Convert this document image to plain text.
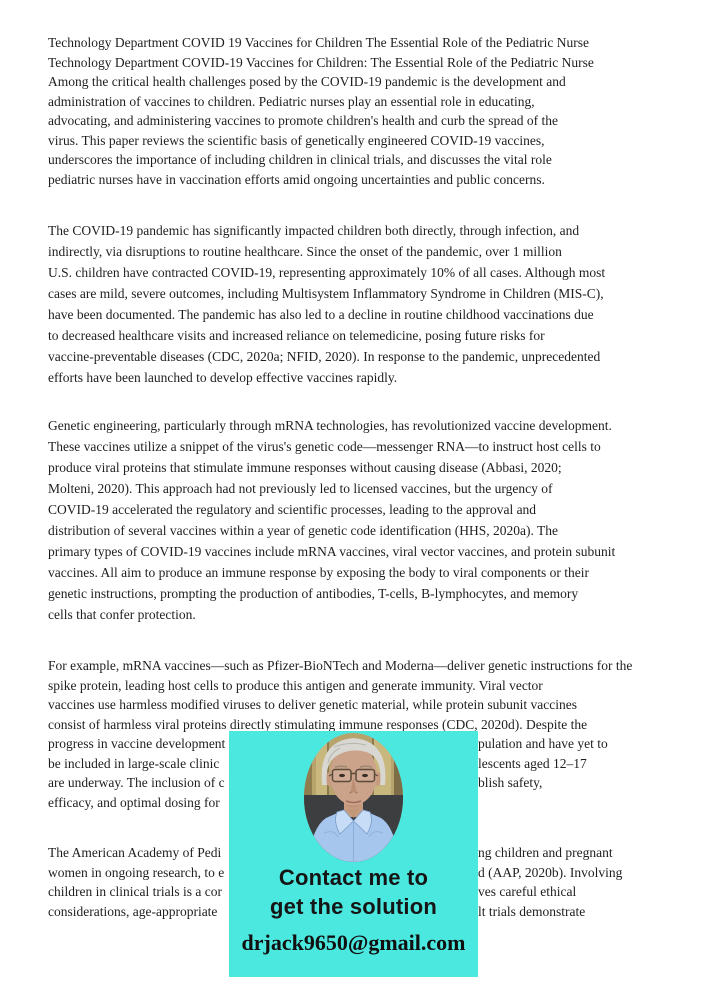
Technology Department COVID 19 Vaccines for Children The Essential Role of the Pediatric Nurse
Technology Department COVID-19 Vaccines for Children: The Essential Role of the Pediatric Nurse
Among the critical health challenges posed by the COVID-19 pandemic is the development and
administration of vaccines to children. Pediatric nurses play an essential role in educating,
advocating, and administering vaccines to promote children's health and curb the spread of the
virus. This paper reviews the scientific basis of genetically engineered COVID-19 vaccines,
underscores the importance of including children in clinical trials, and discusses the vital role
pediatric nurses have in vaccination efforts amid ongoing uncertainties and public concerns.
The COVID-19 pandemic has significantly impacted children both directly, through infection, and
indirectly, via disruptions to routine healthcare. Since the onset of the pandemic, over 1 million
U.S. children have contracted COVID-19, representing approximately 10% of all cases. Although most
cases are mild, severe outcomes, including Multisystem Inflammatory Syndrome in Children (MIS-C),
have been documented. The pandemic has also led to a decline in routine childhood vaccinations due
to decreased healthcare visits and increased reliance on telemedicine, posing future risks for
vaccine-preventable diseases (CDC, 2020a; NFID, 2020). In response to the pandemic, unprecedented
efforts have been launched to develop effective vaccines rapidly.
Genetic engineering, particularly through mRNA technologies, has revolutionized vaccine development.
These vaccines utilize a snippet of the virus's genetic code—messenger RNA—to instruct host cells to
produce viral proteins that stimulate immune responses without causing disease (Abbasi, 2020;
Molteni, 2020). This approach had not previously led to licensed vaccines, but the urgency of
COVID-19 accelerated the regulatory and scientific processes, leading to the approval and
distribution of several vaccines within a year of genetic code identification (HHS, 2020a). The
primary types of COVID-19 vaccines include mRNA vaccines, viral vector vaccines, and protein subunit
vaccines. All aim to produce an immune response by exposing the body to viral components or their
genetic instructions, prompting the production of antibodies, T-cells, B-lymphocytes, and memory
cells that confer protection.
For example, mRNA vaccines—such as Pfizer-BioNTech and Moderna—deliver genetic instructions for the
spike protein, leading host cells to produce this antigen and generate immunity. Viral vector
vaccines use harmless modified viruses to deliver genetic material, while protein subunit vaccines
consist of harmless viral proteins directly stimulating immune responses (CDC, 2020d). Despite the
progress in vaccine development	pulation and have yet to
be included in large-scale clinic	lescents aged 12–17
are underway. The inclusion of c	blish safety,
efficacy, and optimal dosing for
The American Academy of Pedi	ng children and pregnant
women in ongoing research, to e	d (AAP, 2020b). Involving
children in clinical trials is a cor	ves careful ethical
considerations, age-appropriate	lt trials demonstrate
Contact me to
get the solution
drjack9650@gmail.com
